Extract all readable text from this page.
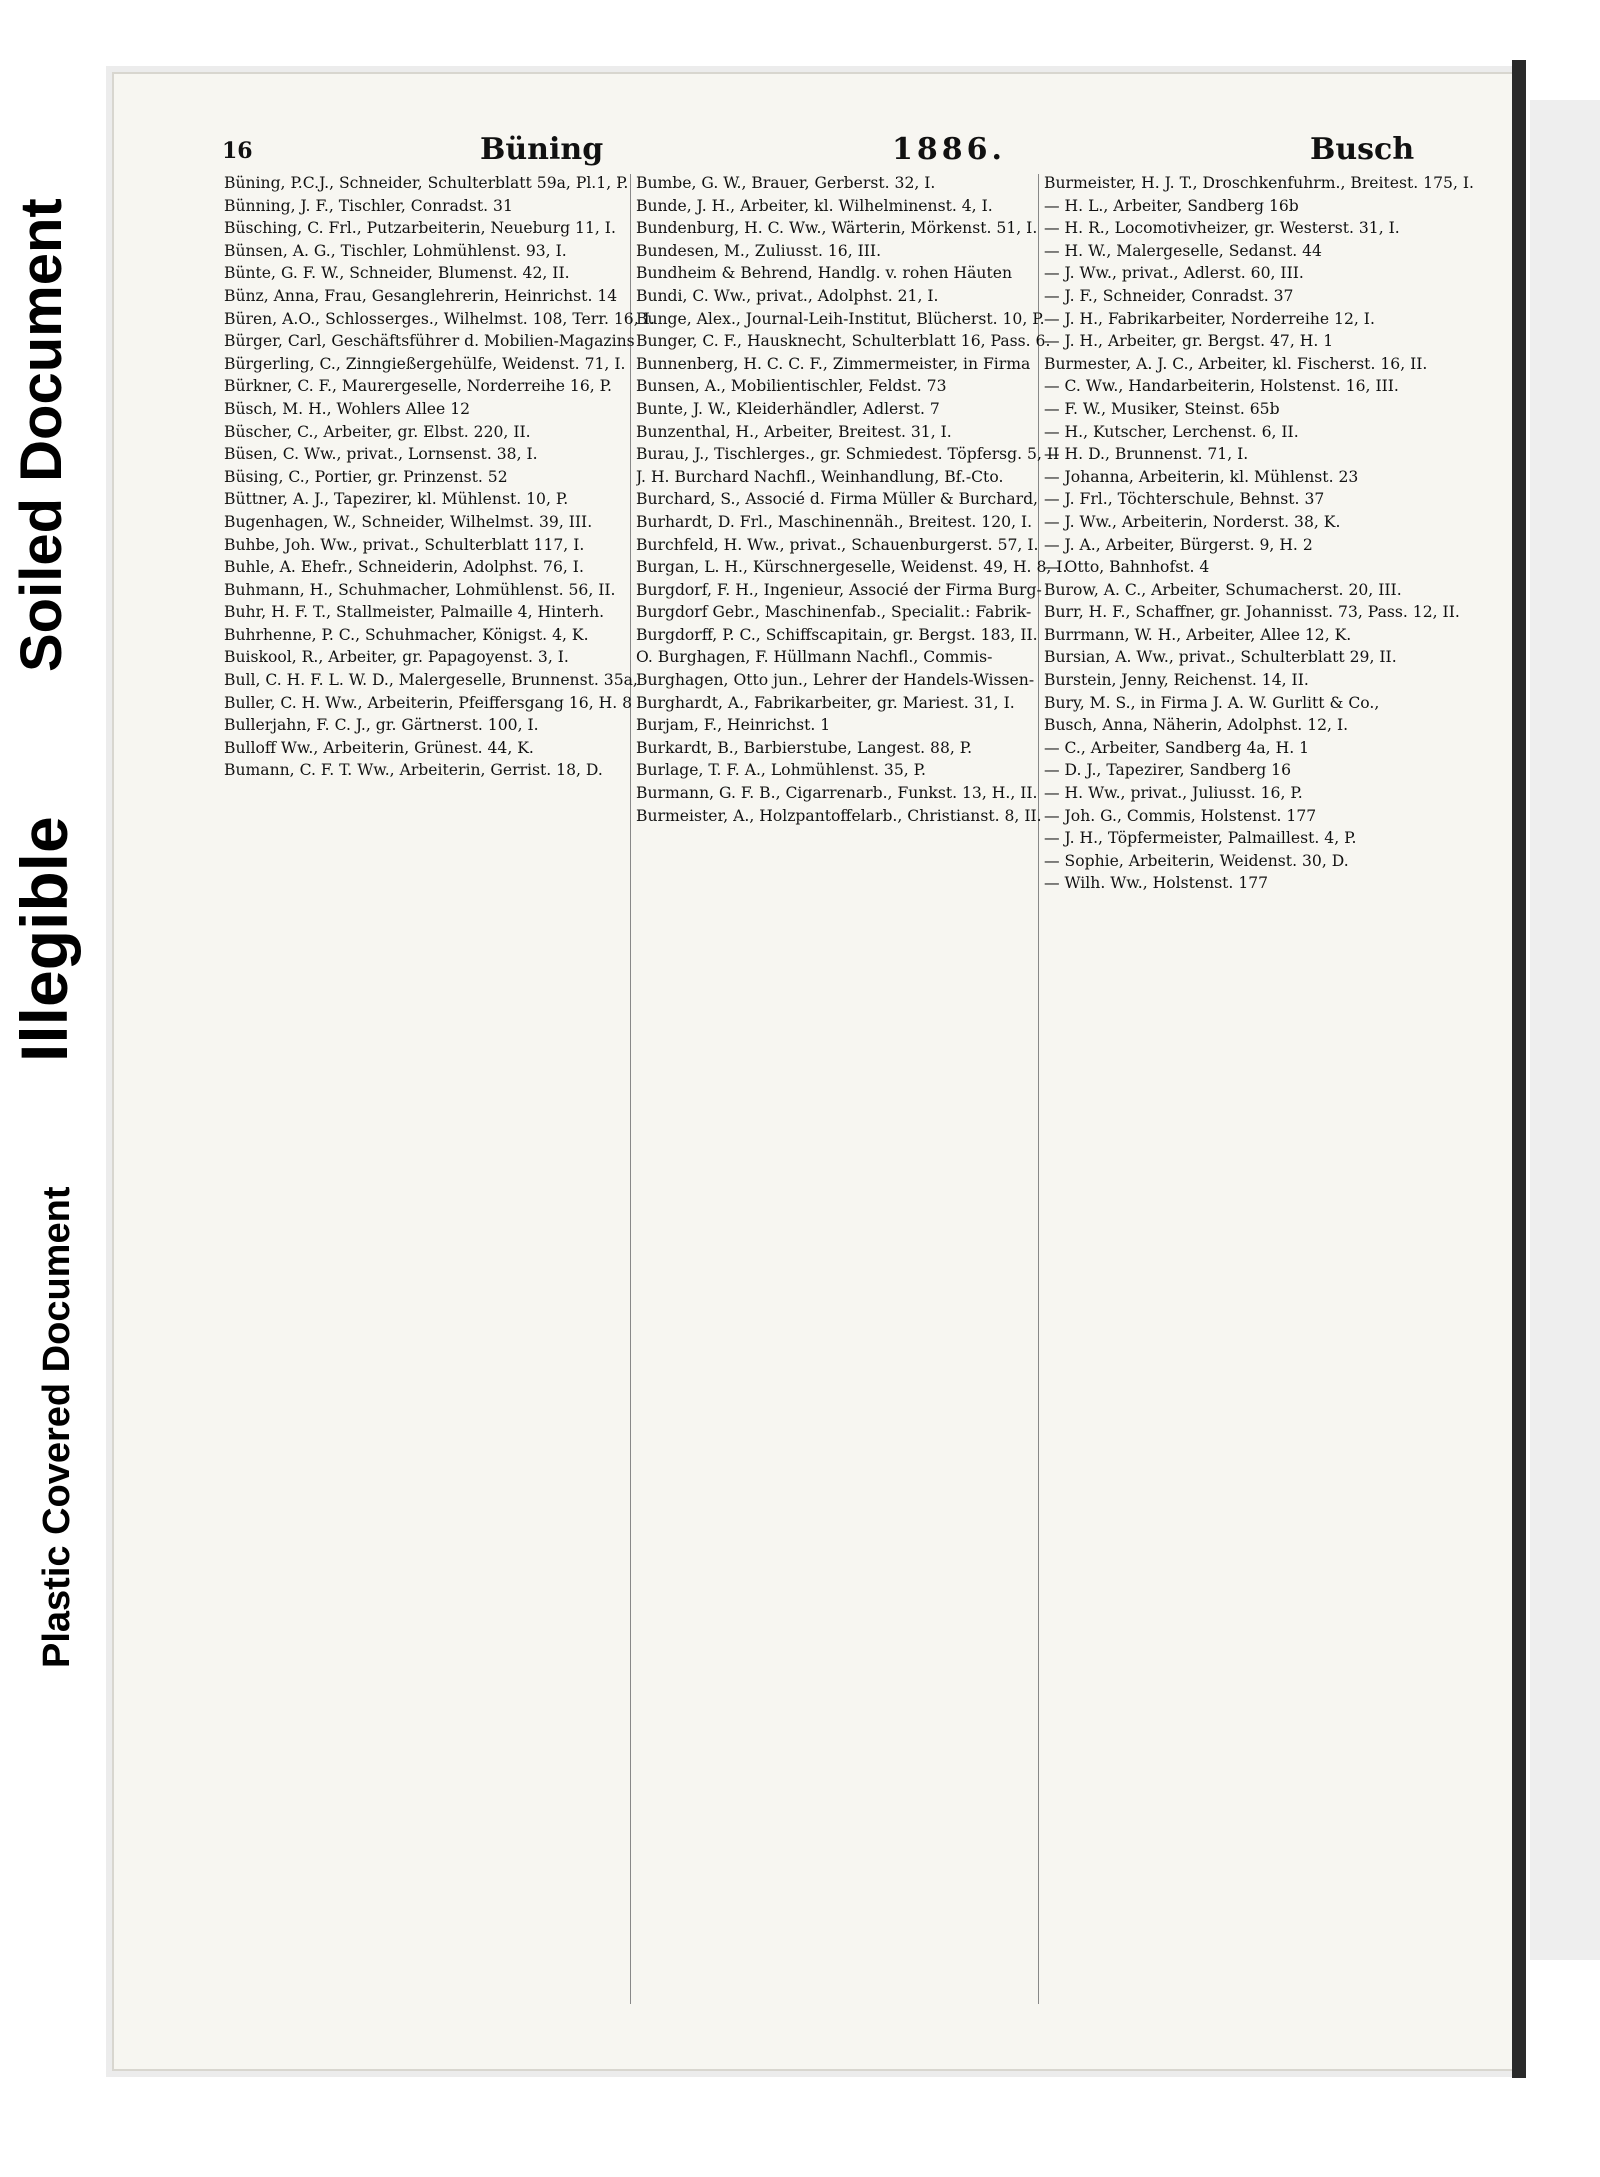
Soiled Document
Illegible
Plastic Covered Document
16	Büning	1886.	Busch
Büning, P.C.J., Schneider, Schulterblatt 59a, Pl.1, P.
Bünning, J. F., Tischler, Conradst. 31
Büsching, C. Frl., Putzarbeiterin, Neueburg 11, I.
Bünsen, A. G., Tischler, Lohmühlenst. 93, I.
Bünte, G. F. W., Schneider, Blumenst. 42, II.
Bünz, Anna, Frau, Gesanglehrerin, Heinrichst. 14
Büren, A.O., Schlosserges., Wilhelmst. 108, Terr. 16, I.
Bürger, Carl, Geschäftsführer d. Mobilien-Magazins
Bürgerling, C., Zinngießergehülfe, Weidenst. 71, I.
Bürkner, C. F., Maurergeselle, Norderreihe 16, P.
Büsch, M. H., Wohlers Allee 12
Büscher, C., Arbeiter, gr. Elbst. 220, II.
Büsen, C. Ww., privat., Lornsenst. 38, I.
Büsing, C., Portier, gr. Prinzenst. 52
Büttner, A. J., Tapezirer, kl. Mühlenst. 10, P.
Bugenhagen, W., Schneider, Wilhelmst. 39, III.
Buhbe, Joh. Ww., privat., Schulterblatt 117, I.
Buhle, A. Ehefr., Schneiderin, Adolphst. 76, I.
Buhmann, H., Schuhmacher, Lohmühlenst. 56, II.
Buhr, H. F. T., Stallmeister, Palmaille 4, Hinterh.
Buhrhenne, P. C., Schuhmacher, Königst. 4, K.
Buiskool, R., Arbeiter, gr. Papagoyenst. 3, I.
Bull, C. H. F. L. W. D., Malergeselle, Brunnenst. 35a,
Buller, C. H. Ww., Arbeiterin, Pfeiffersgang 16, H. 8
Bullerjahn, F. C. J., gr. Gärtnerst. 100, I.
Bulloff Ww., Arbeiterin, Grünest. 44, K.
Bumann, C. F. T. Ww., Arbeiterin, Gerrist. 18, D.
Bumbe, G. W., Brauer, Gerberst. 32, I.
Bunde, J. H., Arbeiter, kl. Wilhelminenst. 4, I.
Bundenburg, H. C. Ww., Wärterin, Mörkenst. 51, I.
Bundesen, M., Zuliusst. 16, III.
Bundheim & Behrend, Handlg. v. rohen Häuten
Bundi, C. Ww., privat., Adolphst. 21, I.
Bunge, Alex., Journal-Leih-Institut, Blücherst. 10, P.
Bunger, C. F., Hausknecht, Schulterblatt 16, Pass. 6.
Bunnenberg, H. C. C. F., Zimmermeister, in Firma
Bunsen, A., Mobilientischler, Feldst. 73
Bunte, J. W., Kleiderhändler, Adlerst. 7
Bunzenthal, H., Arbeiter, Breitest. 31, I.
Burau, J., Tischlerges., gr. Schmiedest. Töpfersg. 5, II
J. H. Burchard Nachfl., Weinhandlung, Bf.-Cto.
Burchard, S., Associé d. Firma Müller & Burchard,
Burhardt, D. Frl., Maschinennäh., Breitest. 120, I.
Burchfeld, H. Ww., privat., Schauenburgerst. 57, I.
Burgan, L. H., Kürschnergeselle, Weidenst. 49, H. 8, I.
Burgdorf, F. H., Ingenieur, Associé der Firma Burg-
Burgdorf Gebr., Maschinenfab., Specialit.: Fabrik-
Burgdorff, P. C., Schiffscapitain, gr. Bergst. 183, II.
O. Burghagen, F. Hüllmann Nachfl., Commis-
Burghagen, Otto jun., Lehrer der Handels-Wissen-
Burghardt, A., Fabrikarbeiter, gr. Mariest. 31, I.
Burjam, F., Heinrichst. 1
Burkardt, B., Barbierstube, Langest. 88, P.
Burlage, T. F. A., Lohmühlenst. 35, P.
Burmann, G. F. B., Cigarrenarb., Funkst. 13, H., II.
Burmeister, A., Holzpantoffelarb., Christianst. 8, II.
Burmeister, H. J. T., Droschkenfuhrm., Breitest. 175, I.
— H. L., Arbeiter, Sandberg 16b
— H. R., Locomotivheizer, gr. Westerst. 31, I.
— H. W., Malergeselle, Sedanst. 44
— J. Ww., privat., Adlerst. 60, III.
— J. F., Schneider, Conradst. 37
— J. H., Fabrikarbeiter, Norderreihe 12, I.
— J. H., Arbeiter, gr. Bergst. 47, H. 1
Burmester, A. J. C., Arbeiter, kl. Fischerst. 16, II.
— C. Ww., Handarbeiterin, Holstenst. 16, III.
— F. W., Musiker, Steinst. 65b
— H., Kutscher, Lerchenst. 6, II.
— H. D., Brunnenst. 71, I.
— Johanna, Arbeiterin, kl. Mühlenst. 23
— J. Frl., Töchterschule, Behnst. 37
— J. Ww., Arbeiterin, Norderst. 38, K.
— J. A., Arbeiter, Bürgerst. 9, H. 2
— Otto, Bahnhofst. 4
Burow, A. C., Arbeiter, Schumacherst. 20, III.
Burr, H. F., Schaffner, gr. Johannisst. 73, Pass. 12, II.
Burrmann, W. H., Arbeiter, Allee 12, K.
Bursian, A. Ww., privat., Schulterblatt 29, II.
Burstein, Jenny, Reichenst. 14, II.
Bury, M. S., in Firma J. A. W. Gurlitt & Co.,
Busch, Anna, Näherin, Adolphst. 12, I.
— C., Arbeiter, Sandberg 4a, H. 1
— D. J., Tapezirer, Sandberg 16
— H. Ww., privat., Juliusst. 16, P.
— Joh. G., Commis, Holstenst. 177
— J. H., Töpfermeister, Palmaillest. 4, P.
— Sophie, Arbeiterin, Weidenst. 30, D.
— Wilh. Ww., Holstenst. 177
